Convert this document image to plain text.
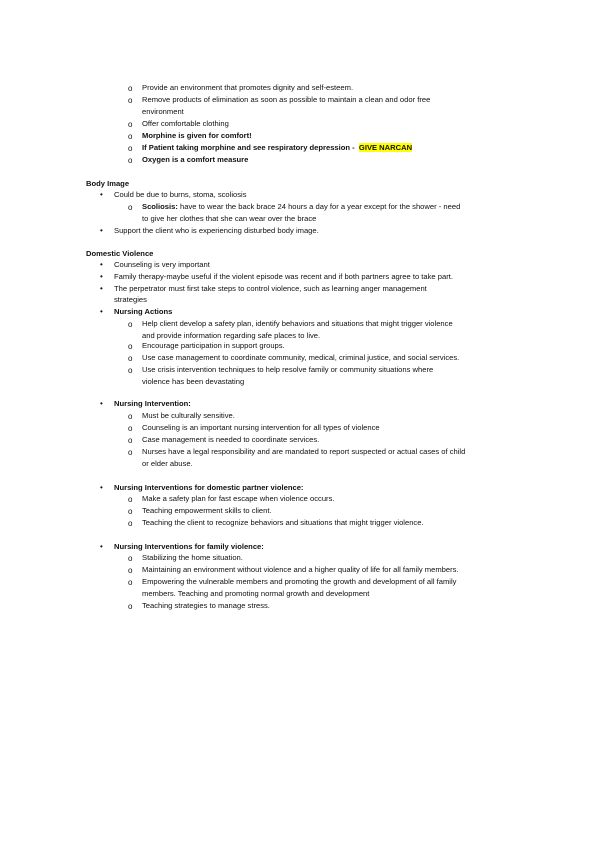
o Provide an environment that promotes dignity and self-esteem.
o Remove products of elimination as soon as possible to maintain a clean and odor free
environment
o Offer comfortable clothing
o Morphine is given for comfort!
o If Patient taking morphine and see respiratory depression - GIVE NARCAN
o Oxygen is a comfort measure
Body Image
• Could be due to burns, stoma, scoliosis
o Scoliosis: have to wear the back brace 24 hours a day for a year except for the shower - need
to give her clothes that she can wear over the brace
• Support the client who is experiencing disturbed body image.
Domestic Violence
• Counseling is very important
• Family therapy-maybe useful if the violent episode was recent and if both partners agree to take part.
• The perpetrator must first take steps to control violence, such as learning anger management
strategies
• Nursing Actions
o Help client develop a safety plan, identify behaviors and situations that might trigger violence
and provide information regarding safe places to live.
o Encourage participation in support groups.
o Use case management to coordinate community, medical, criminal justice, and social services.
o Use crisis intervention techniques to help resolve family or community situations where
violence has been devastating
• Nursing Intervention:
o Must be culturally sensitive.
o Counseling is an important nursing intervention for all types of violence
o Case management is needed to coordinate services.
o Nurses have a legal responsibility and are mandated to report suspected or actual cases of child
or elder abuse.
• Nursing Interventions for domestic partner violence:
o Make a safety plan for fast escape when violence occurs.
o Teaching empowerment skills to client.
o Teaching the client to recognize behaviors and situations that might trigger violence.
• Nursing Interventions for family violence:
o Stabilizing the home situation.
o Maintaining an environment without violence and a higher quality of life for all family members.
o Empowering the vulnerable members and promoting the growth and development of all family
members. Teaching and promoting normal growth and development
o Teaching strategies to manage stress.
